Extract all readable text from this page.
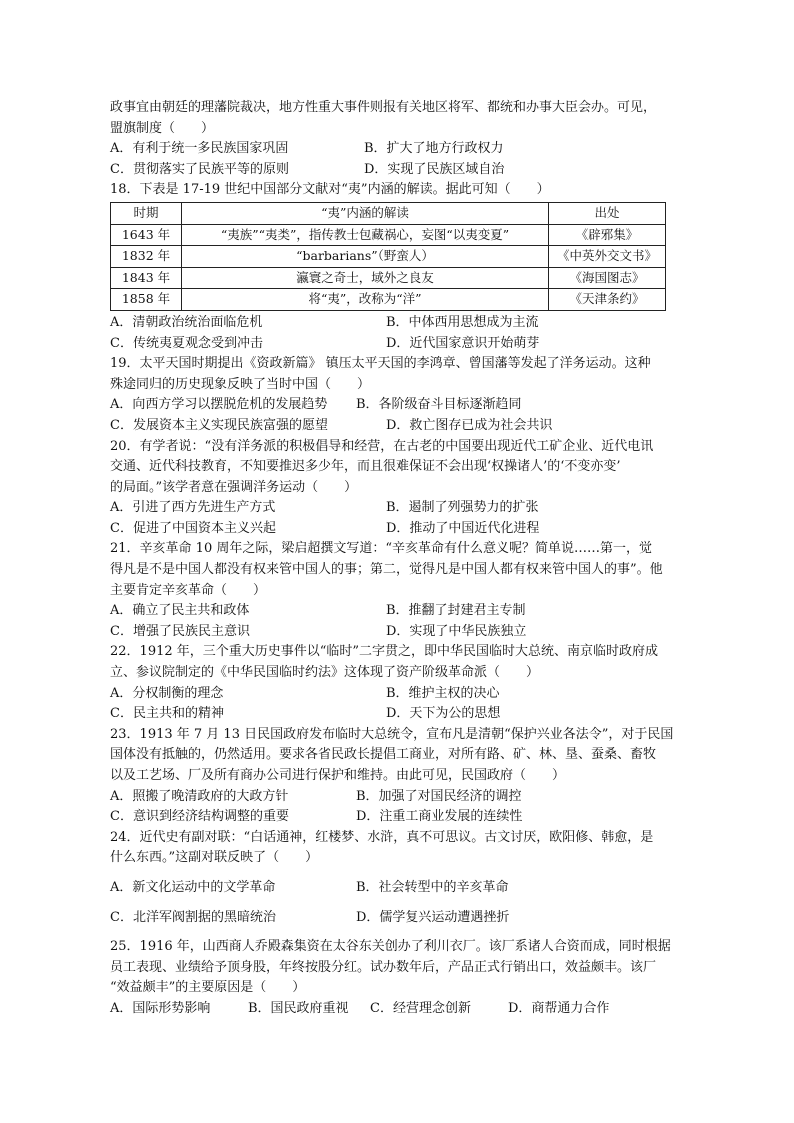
政事宜由朝廷的理藩院裁决，地方性重大事件则报有关地区将军、都统和办事大臣会办。可见，

盟旗制度（　　）

A．有利于统一多民族国家巩固	B．扩大了地方行政权力
C．贯彻落实了民族平等的原则	D．实现了民族区域自治

18．下表是 17-19 世纪中国部分文献对“夷”内涵的解读。据此可知（　　）

时期	“夷”内涵的解读	出处
1643 年	“夷族”“夷类”，指传教士包藏祸心，妄图“以夷变夏”	《辟邪集》
1832 年	“barbarians”（野蛮人）	《中英外交文书》
1843 年	瀛寰之奇士，域外之良友	《海国图志》
1858 年	将“夷”，改称为“洋”	《天津条约》
A．清朝政治统治面临危机	B．中体西用思想成为主流
C．传统夷夏观念受到冲击	D．近代国家意识开始萌芽

19．太平天国时期提出《资政新篇》 镇压太平天国的李鸿章、曾国藩等发起了洋务运动。这种

殊途同归的历史现象反映了当时中国（　　）

A．向西方学习以摆脱危机的发展趋势	B．各阶级奋斗目标逐渐趋同
C．发展资本主义实现民族富强的愿望	D．救亡图存已成为社会共识

20．有学者说：“没有洋务派的积极倡导和经营，在古老的中国要出现近代工矿企业、近代电讯

交通、近代科技教育，不知要推迟多少年，而且很难保证不会出现‘权操诸人’的‘不变亦变’

的局面。”该学者意在强调洋务运动（　　）

A．引进了西方先进生产方式	B．遏制了列强势力的扩张
C．促进了中国资本主义兴起	D．推动了中国近代化进程

21．辛亥革命 10 周年之际，梁启超撰文写道：“辛亥革命有什么意义呢？简单说……第一，觉

得凡是不是中国人都没有权来管中国人的事；第二，觉得凡是中国人都有权来管中国人的事”。他

主要肯定辛亥革命（　　）

A．确立了民主共和政体	B．推翻了封建君主专制
C．增强了民族民主意识	D．实现了中华民族独立

22．1912 年，三个重大历史事件以“临时”二字贯之，即中华民国临时大总统、南京临时政府成

立、参议院制定的《中华民国临时约法》这体现了资产阶级革命派（　　）

A．分权制衡的理念	B．维护主权的决心
C．民主共和的精神	D．天下为公的思想

23．1913 年 7 月 13 日民国政府发布临时大总统令，宣布凡是清朝“保护兴业各法令”，对于民国

国体没有抵触的，仍然适用。要求各省民政长提倡工商业，对所有路、矿、林、垦、蚕桑、畜牧

以及工艺场、厂及所有商办公司进行保护和维持。由此可见，民国政府（　　）

A．照搬了晚清政府的大政方针	B．加强了对国民经济的调控
C．意识到经济结构调整的重要	D．注重工商业发展的连续性

24．近代史有副对联：“白话通神，红楼梦、水浒，真不可思议。古文讨厌，欧阳修、韩愈，是

什么东西。”这副对联反映了（　　）

A．新文化运动中的文学革命	B．社会转型中的辛亥革命
C．北洋军阀割据的黑暗统治	D．儒学复兴运动遭遇挫折

25．1916 年，山西商人乔殿森集资在太谷东关创办了利川衣厂。该厂系诸人合资而成，同时根据

员工表现、业绩给予顶身股，年终按股分红。试办数年后，产品正式行销出口，效益颇丰。该厂

“效益颇丰”的主要原因是（　　）

A．国际形势影响	B．国民政府重视	C．经营理念创新	D．商帮通力合作
